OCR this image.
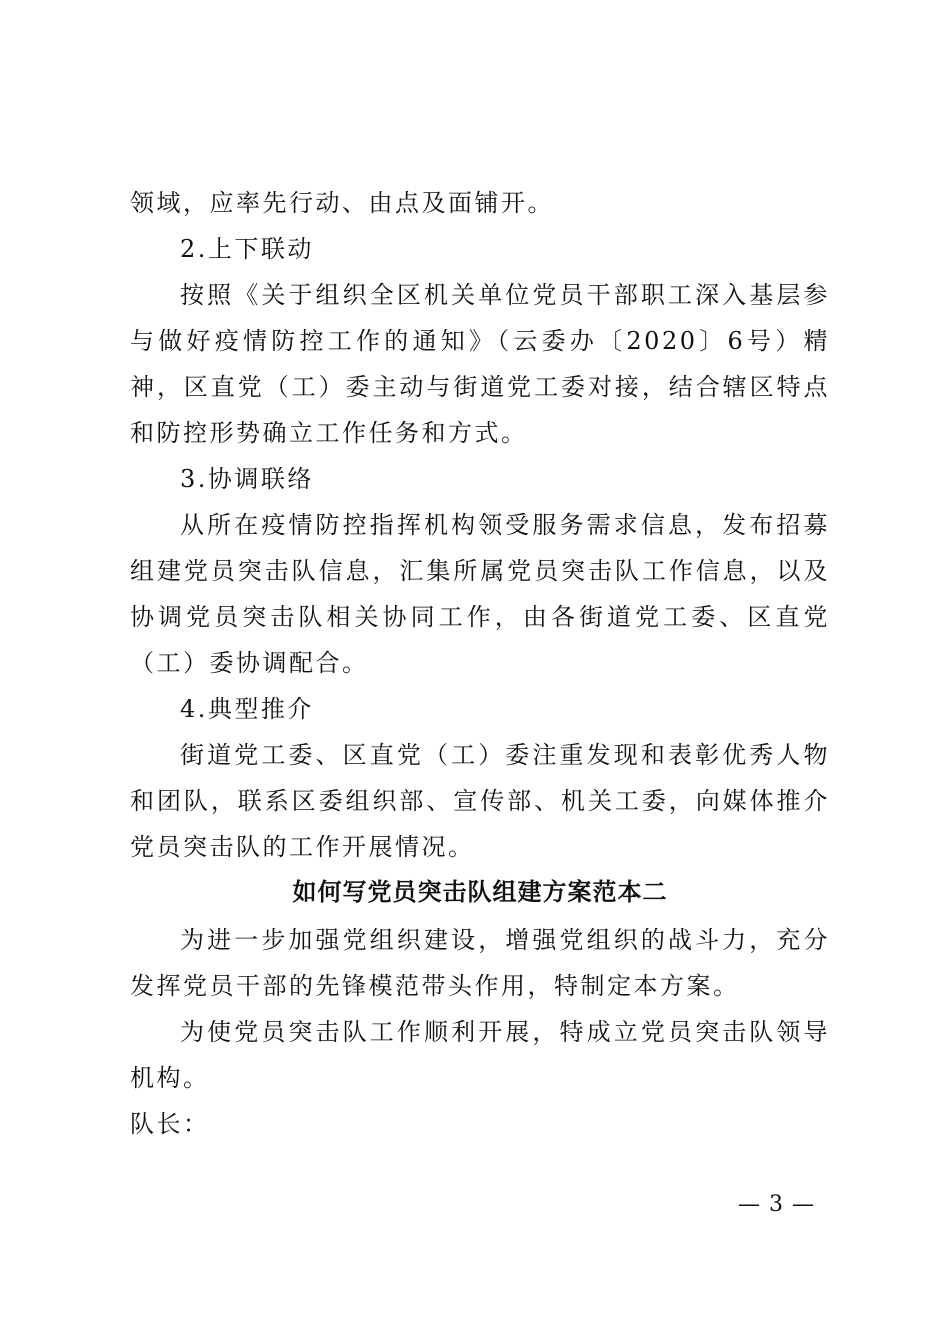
领域，应率先行动、由点及面铺开。

2.上下联动

按照《关于组织全区机关单位党员干部职工深入基层参与做好疫情防控工作的通知》（云委办〔2020〕6号）精神，区直党（工）委主动与街道党工委对接，结合辖区特点和防控形势确立工作任务和方式。

3.协调联络

从所在疫情防控指挥机构领受服务需求信息，发布招募组建党员突击队信息，汇集所属党员突击队工作信息，以及协调党员突击队相关协同工作，由各街道党工委、区直党（工）委协调配合。

4.典型推介

街道党工委、区直党（工）委注重发现和表彰优秀人物和团队，联系区委组织部、宣传部、机关工委，向媒体推介党员突击队的工作开展情况。

如何写党员突击队组建方案范本二

为进一步加强党组织建设，增强党组织的战斗力，充分发挥党员干部的先锋模范带头作用，特制定本方案。

为使党员突击队工作顺利开展，特成立党员突击队领导机构。

队长：

— 3 —
